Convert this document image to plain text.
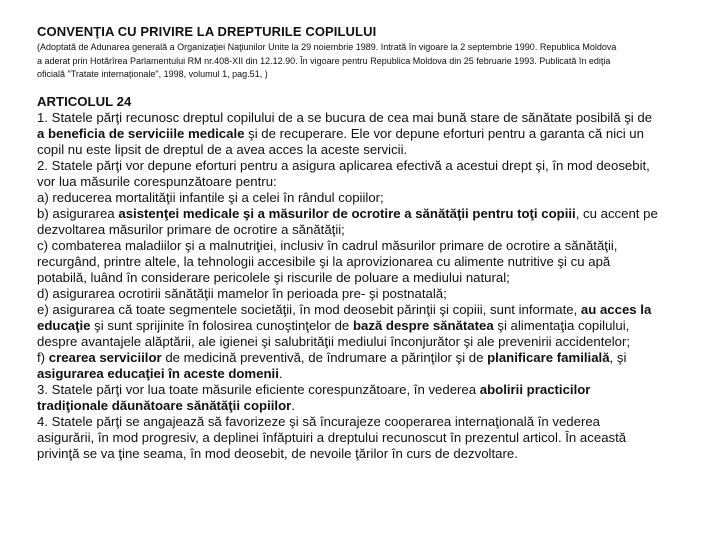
CONVENŢIA CU PRIVIRE LA DREPTURILE COPILULUI
(Adoptată de Adunarea generală a Organizaţiei Naţiunilor Unite la 29 noiembrie 1989. Intrată în vigoare la 2 septembrie 1990. Republica Moldova
a aderat prin Hotărîrea Parlamentului RM nr.408-XII din 12.12.90. În vigoare pentru Republica Moldova din 25 februarie 1993. Publicată în ediţia
oficială "Tratate internaţionale", 1998, volumul 1, pag.51, )
ARTICOLUL 24
1. Statele părţi recunosc dreptul copilului de a se bucura de cea mai bună stare de sănătate posibilă şi de
a beneficia de serviciile medicale şi de recuperare. Ele vor depune eforturi pentru a garanta că nici un
copil nu este lipsit de dreptul de a avea acces la aceste servicii.
2. Statele părţi vor depune eforturi pentru a asigura aplicarea efectivă a acestui drept şi, în mod deosebit,
vor lua măsurile corespunzătoare pentru:
a) reducerea mortalităţii infantile şi a celei în rândul copiilor;
b) asigurarea asistenţei medicale şi a măsurilor de ocrotire a sănătăţii pentru toţi copiii, cu accent pe
dezvoltarea măsurilor primare de ocrotire a sănătăţii;
c) combaterea maladiilor şi a malnutriţiei, inclusiv în cadrul măsurilor primare de ocrotire a sănătăţii,
recurgând, printre altele, la tehnologii accesibile şi la aprovizionarea cu alimente nutritive şi cu apă
potabilă, luând în considerare pericolele şi riscurile de poluare a mediului natural;
d) asigurarea ocrotirii sănătăţii mamelor în perioada pre- şi postnatală;
e) asigurarea că toate segmentele societăţii, în mod deosebit părinţii şi copiii, sunt informate, au acces la
educaţie şi sunt sprijinite în folosirea cunoştinţelor de bază despre sănătatea şi alimentaţia copilului,
despre avantajele alăptării, ale igienei şi salubrităţii mediului înconjurător şi ale prevenirii accidentelor;
f) crearea serviciilor de medicină preventivă, de îndrumare a părinţilor şi de planificare familială, şi
asigurarea educaţiei în aceste domenii.
3. Statele părţi vor lua toate măsurile eficiente corespunzătoare, în vederea abolirii practicilor
tradiţionale dăunătoare sănătăţii copiilor.
4. Statele părţi se angajează să favorizeze şi să încurajeze cooperarea internaţională în vederea
asigurării, în mod progresiv, a deplinei înfăptuiri a dreptului recunoscut în prezentul articol. În această
privinţă se va ţine seama, în mod deosebit, de nevoile ţărilor în curs de dezvoltare.
